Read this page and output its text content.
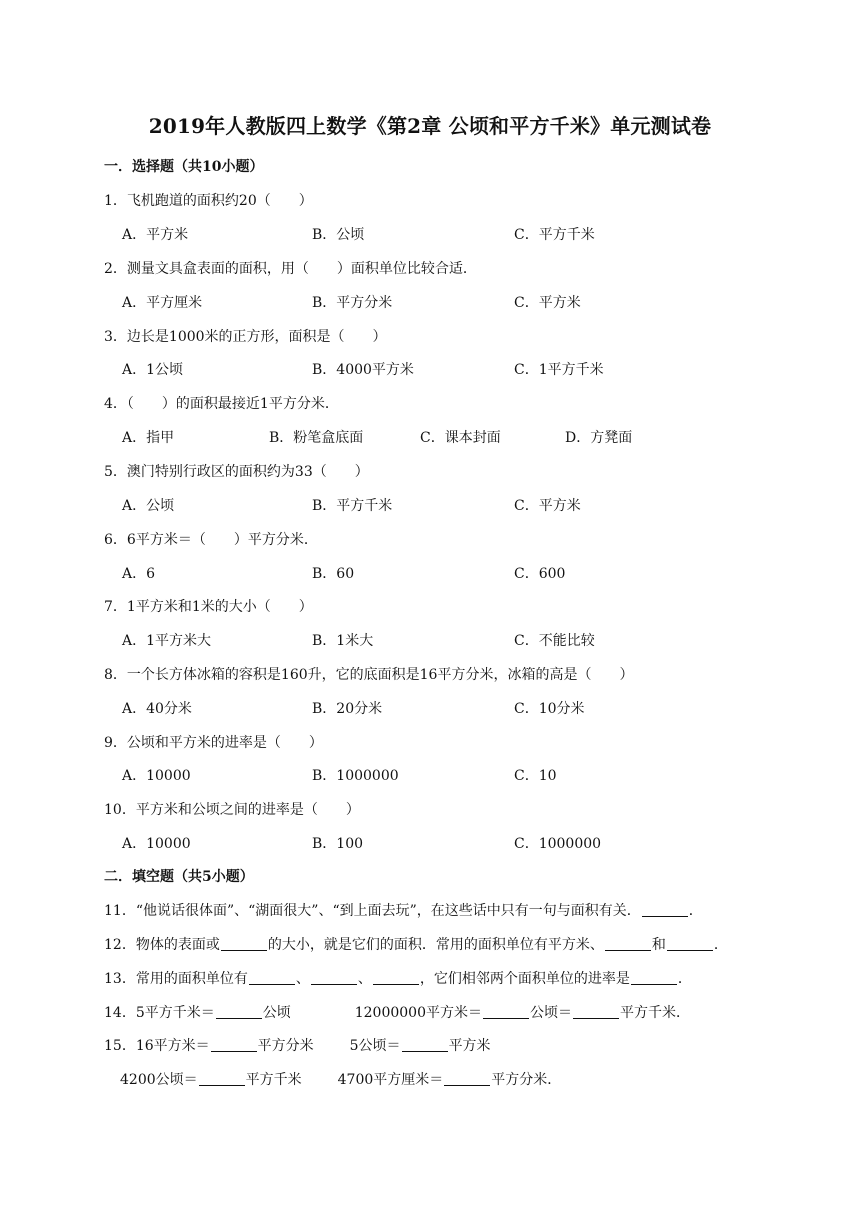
2019年人教版四上数学《第2章 公顷和平方千米》单元测试卷
一．选择题（共10小题）
1．飞机跑道的面积约20（　　）
A．平方米	B．公顷	C．平方千米
2．测量文具盒表面的面积，用（　　）面积单位比较合适．
A．平方厘米	B．平方分米	C．平方米
3．边长是1000米的正方形，面积是（　　）
A．1公顷	B．4000平方米	C．1平方千米
4．（　　）的面积最接近1平方分米．
A．指甲	B．粉笔盒底面	C．课本封面	D．方凳面
5．澳门特别行政区的面积约为33（　　）
A．公顷	B．平方千米	C．平方米
6．6平方米＝（　　）平方分米．
A．6	B．60	C．600
7．1平方米和1米的大小（　　）
A．1平方米大	B．1米大	C．不能比较
8．一个长方体冰箱的容积是160升，它的底面积是16平方分米，冰箱的高是（　　）
A．40分米	B．20分米	C．10分米
9．公顷和平方米的进率是（　　）
A．10000	B．1000000	C．10
10．平方米和公顷之间的进率是（　　）
A．10000	B．100	C．1000000
二．填空题（共5小题）
11．“他说话很体面”、“湖面很大”、“到上面去玩”，在这些话中只有一句与面积有关．	．
12．物体的表面或	的大小，就是它们的面积．常用的面积单位有平方米、	和	．
13．常用的面积单位有	、	、	，它们相邻两个面积单位的进率是	．
14．5平方千米＝	公顷	12000000平方米＝	公顷＝	平方千米．
15．16平方米＝	平方分米	5公顷＝	平方米
4200公顷＝	平方千米	4700平方厘米＝	平方分米．
